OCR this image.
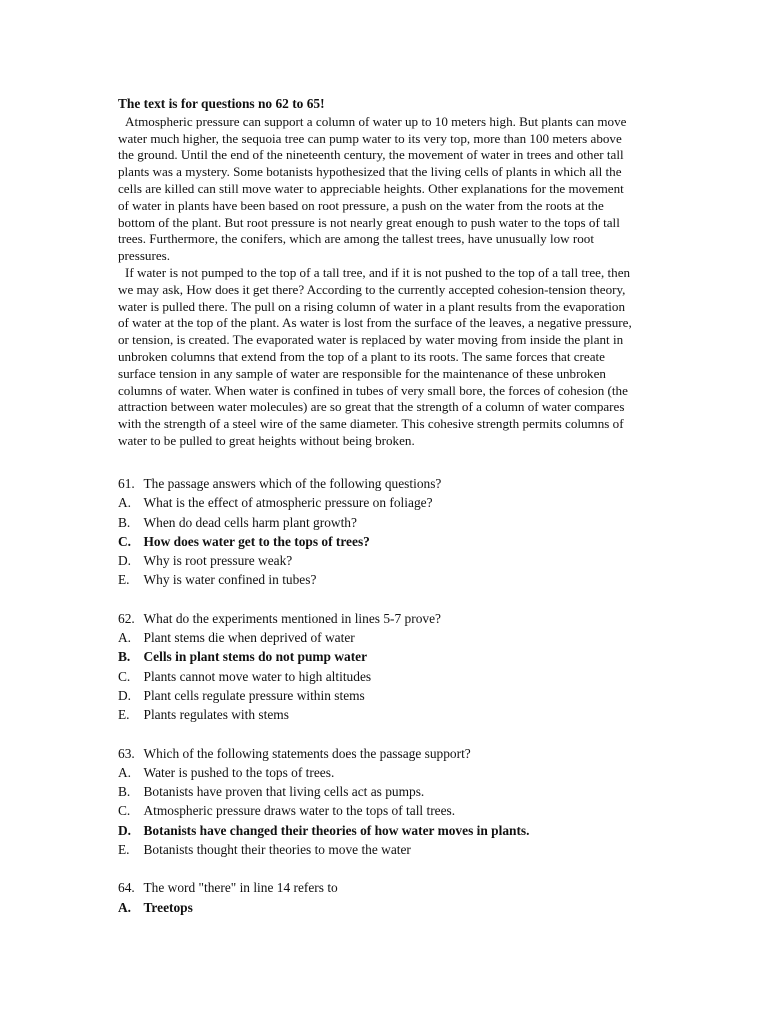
The text is for questions no 62 to 65!

Atmospheric pressure can support a column of water up to 10 meters high. But plants can move
water much higher, the sequoia tree can pump water to its very top, more than 100 meters above
the ground. Until the end of the nineteenth century, the movement of water in trees and other tall
plants was a mystery. Some botanists hypothesized that the living cells of plants in which all the
cells are killed can still move water to appreciable heights. Other explanations for the movement
of water in plants have been based on root pressure, a push on the water from the roots at the
bottom of the plant. But root pressure is not nearly great enough to push water to the tops of tall
trees. Furthermore, the conifers, which are among the tallest trees, have unusually low root
pressures.

If water is not pumped to the top of a tall tree, and if it is not pushed to the top of a tall tree, then
we may ask, How does it get there? According to the currently accepted cohesion-tension theory,
water is pulled there. The pull on a rising column of water in a plant results from the evaporation
of water at the top of the plant. As water is lost from the surface of the leaves, a negative pressure,
or tension, is created. The evaporated water is replaced by water moving from inside the plant in
unbroken columns that extend from the top of a plant to its roots. The same forces that create
surface tension in any sample of water are responsible for the maintenance of these unbroken
columns of water. When water is confined in tubes of very small bore, the forces of cohesion (the
attraction between water molecules) are so great that the strength of a column of water compares
with the strength of a steel wire of the same diameter. This cohesive strength permits columns of
water to be pulled to great heights without being broken.

61. The passage answers which of the following questions?
A. What is the effect of atmospheric pressure on foliage?
B. When do dead cells harm plant growth?
C. How does water get to the tops of trees?
D. Why is root pressure weak?
E.	Why is water confined in tubes?
62. What do the experiments mentioned in lines 5-7 prove?
A. Plant stems die when deprived of water
B. Cells in plant stems do not pump water
C. Plants cannot move water to high altitudes
D. Plant cells regulate pressure within stems
E.	Plants regulates with stems
63. Which of the following statements does the passage support?
A. Water is pushed to the tops of trees.
B. Botanists have proven that living cells act as pumps.
C. Atmospheric pressure draws water to the tops of tall trees.
D. Botanists have changed their theories of how water moves in plants.
E.	Botanists thought their theories to move the water
64. The word "there" in line 14 refers to
A. Treetops
